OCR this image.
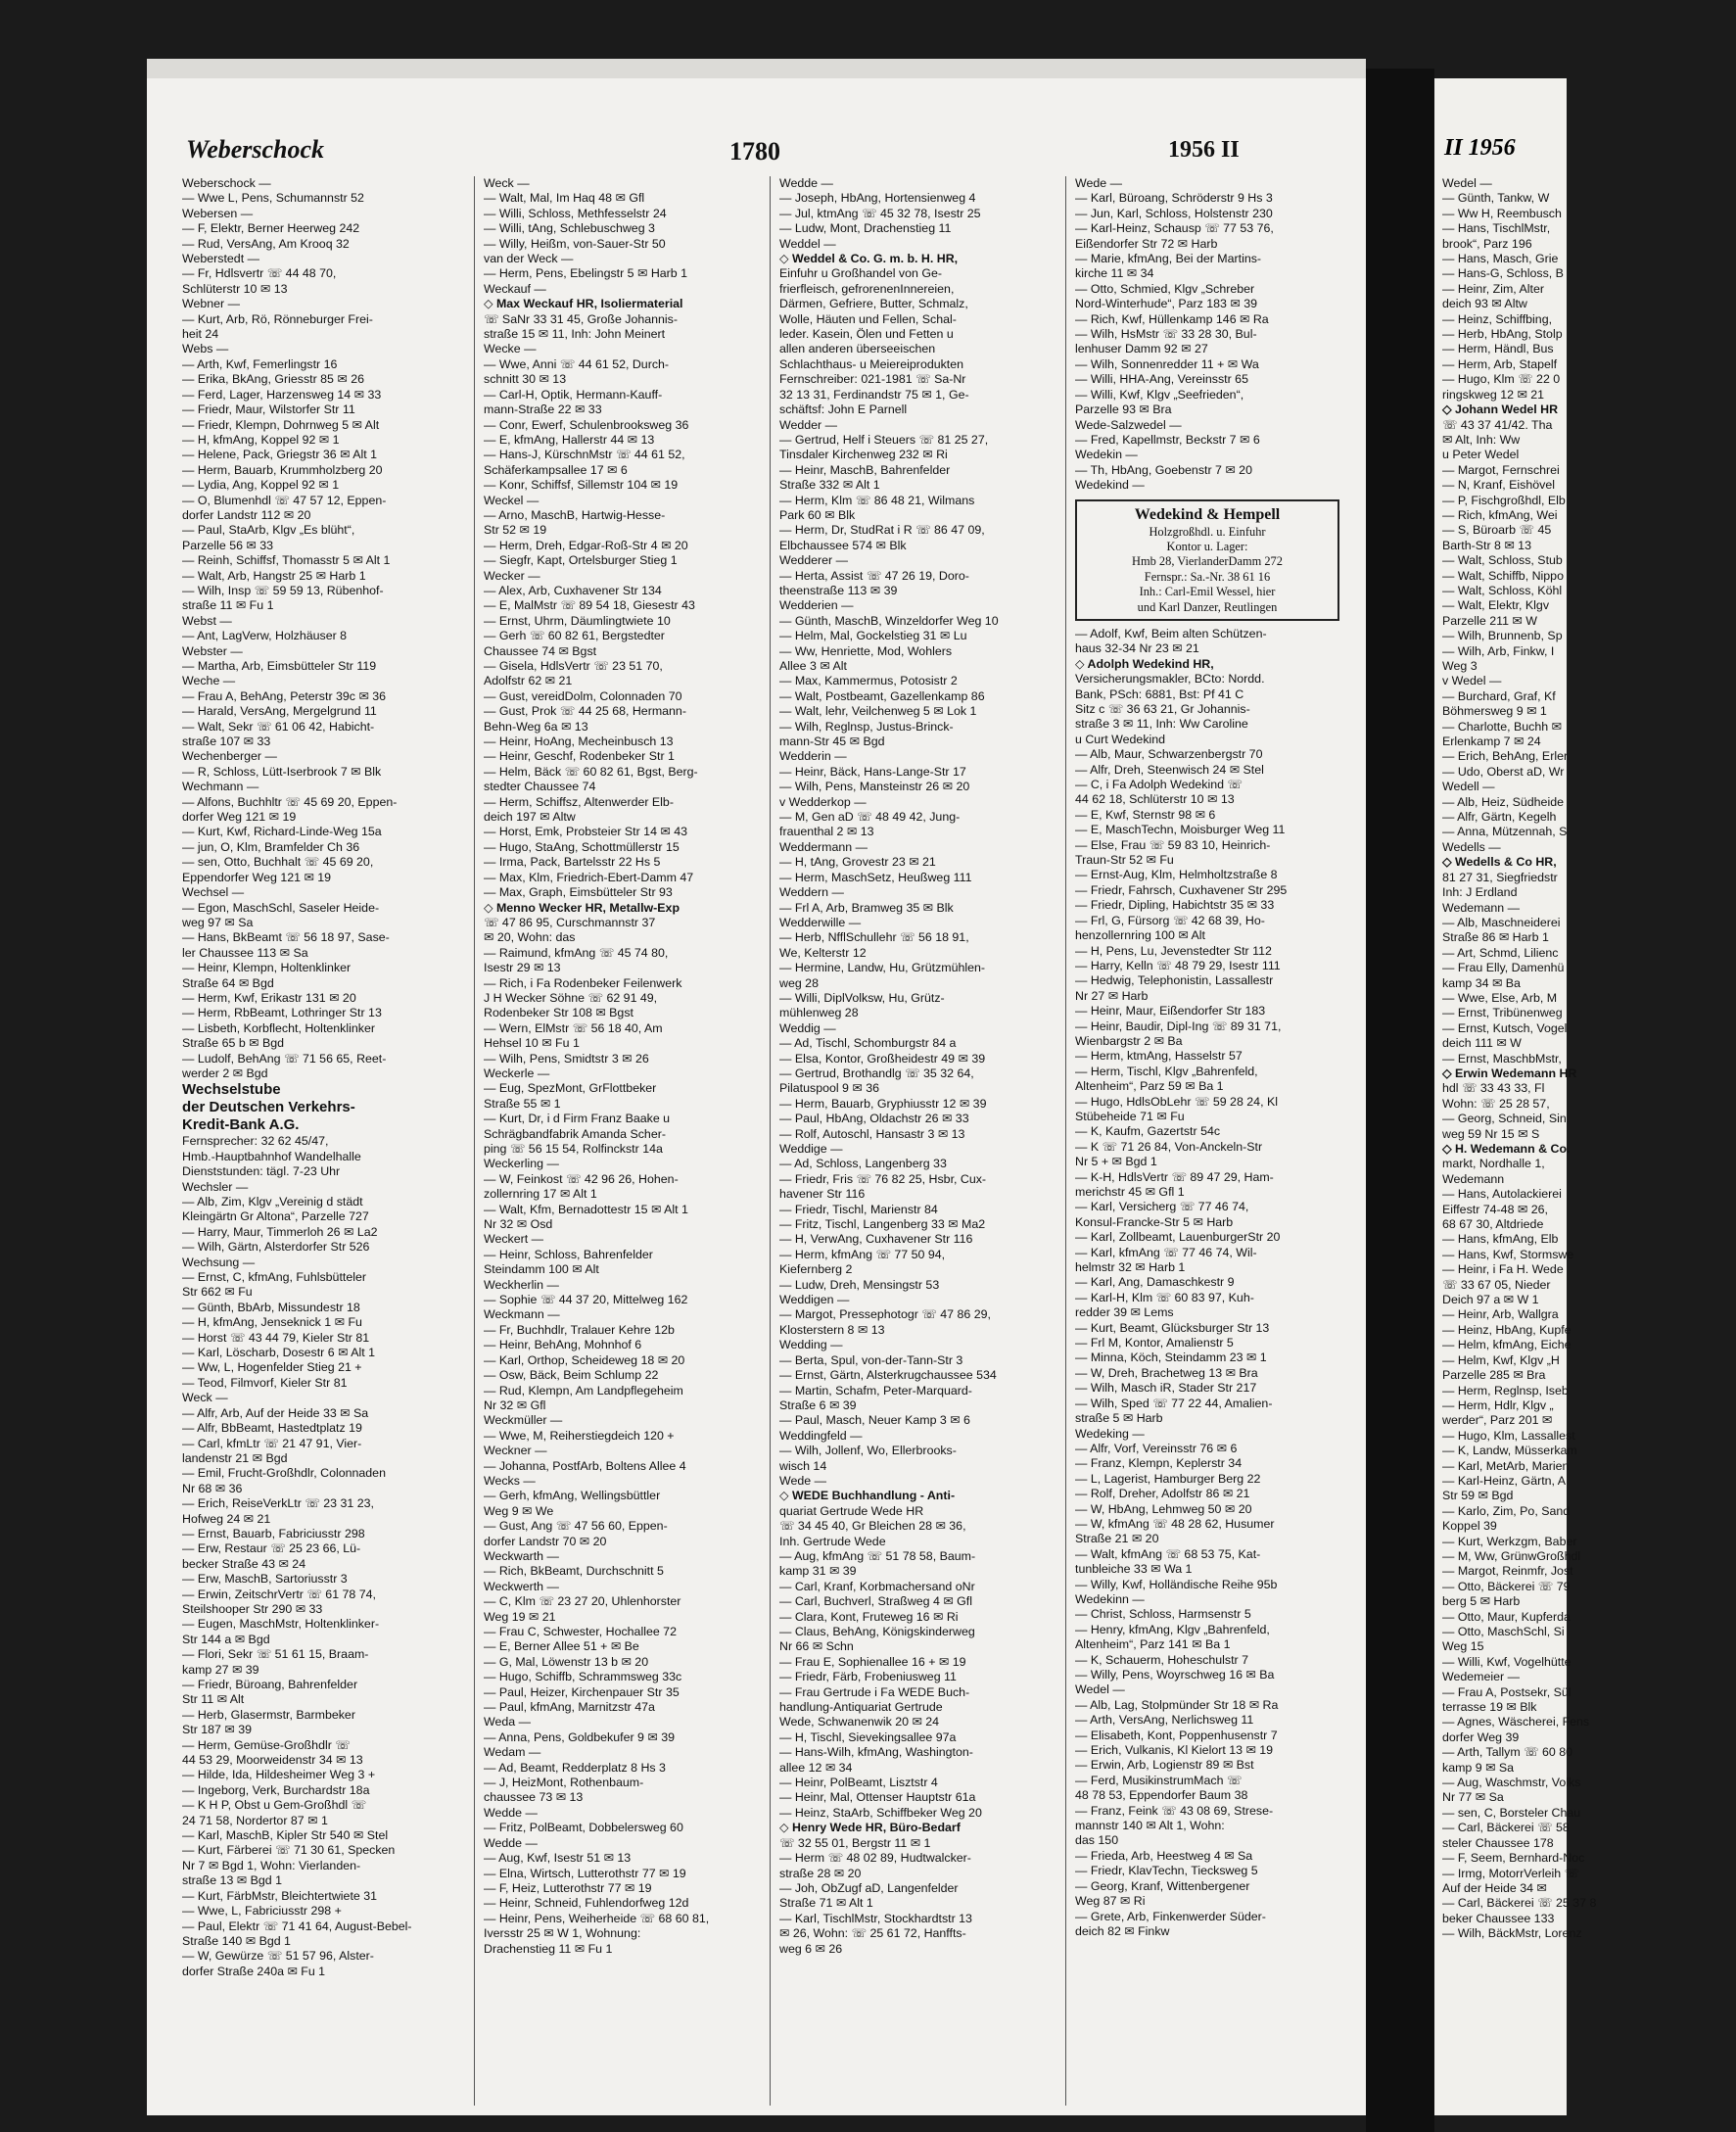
Weberschock	1780	1956 II
Weberschock —
— Wwe L, Pens, Schumannstr 52
Webersen —
— F, Elektr, Berner Heerweg 242
— Rud, VersAng, Am Krooq 32
Weberstedt —
— Fr, Hdlsvertr ☏ 44 48 70,
Schlüterstr 10 ✉ 13
Webner —
— Kurt, Arb, Rö, Rönneburger Frei-
heit 24
Webs —
— Arth, Kwf, Femerlingstr 16
— Erika, BkAng, Griesstr 85 ✉ 26
— Ferd, Lager, Harzensweg 14 ✉ 33
— Friedr, Maur, Wilstorfer Str 11
— Friedr, Klempn, Dohrnweg 5 ✉ Alt
— H, kfmAng, Koppel 92 ✉ 1
— Helene, Pack, Griegstr 36 ✉ Alt 1
— Herm, Bauarb, Krummholzberg 20
— Lydia, Ang, Koppel 92 ✉ 1
— O, Blumenhdl ☏ 47 57 12, Eppen-
dorfer Landstr 112 ✉ 20
— Paul, StaArb, Klgv „Es blüht“,
Parzelle 56 ✉ 33
— Reinh, Schiffsf, Thomasstr 5 ✉ Alt 1
— Walt, Arb, Hangstr 25 ✉ Harb 1
— Wilh, Insp ☏ 59 59 13, Rübenhof-
straße 11 ✉ Fu 1
Webst —
— Ant, LagVerw, Holzhäuser 8
Webster —
— Martha, Arb, Eimsbütteler Str 119
Weche —
— Frau A, BehAng, Peterstr 39c ✉ 36
— Harald, VersAng, Mergelgrund 11
— Walt, Sekr ☏ 61 06 42, Habicht-
straße 107 ✉ 33
Wechenberger —
— R, Schloss, Lütt-Iserbrook 7 ✉ Blk
Wechmann —
— Alfons, Buchhltr ☏ 45 69 20, Eppen-
dorfer Weg 121 ✉ 19
— Kurt, Kwf, Richard-Linde-Weg 15a
— jun, O, Klm, Bramfelder Ch 36
— sen, Otto, Buchhalt ☏ 45 69 20,
Eppendorfer Weg 121 ✉ 19
Wechsel —
— Egon, MaschSchl, Saseler Heide-
weg 97 ✉ Sa
— Hans, BkBeamt ☏ 56 18 97, Sase-
ler Chaussee 113 ✉ Sa
— Heinr, Klempn, Holtenklinker
Straße 64 ✉ Bgd
— Herm, Kwf, Erikastr 131 ✉ 20
— Herm, RbBeamt, Lothringer Str 13
— Lisbeth, Korbflecht, Holtenklinker
Straße 65 b ✉ Bgd
— Ludolf, BehAng ☏ 71 56 65, Reet-
werder 2 ✉ Bgd
Wechselstube
der Deutschen Verkehrs-
Kredit-Bank A.G.
Fernsprecher: 32 62 45/47,
Hmb.-Hauptbahnhof Wandelhalle
Dienststunden: tägl. 7-23 Uhr
Wechsler —
— Alb, Zim, Klgv „Vereinig d städt
Kleingärtn Gr Altona“, Parzelle 727
— Harry, Maur, Timmerloh 26 ✉ La2
— Wilh, Gärtn, Alsterdorfer Str 526
Wechsung —
— Ernst, C, kfmAng, Fuhlsbütteler
Str 662 ✉ Fu
— Günth, BbArb, Missundestr 18
— H, kfmAng, Jenseknick 1 ✉ Fu
— Horst ☏ 43 44 79, Kieler Str 81
— Karl, Löscharb, Dosestr 6 ✉ Alt 1
— Ww, L, Hogenfelder Stieg 21 +
— Teod, Filmvorf, Kieler Str 81
Weck —
— Alfr, Arb, Auf der Heide 33 ✉ Sa
— Alfr, BbBeamt, Hastedtplatz 19
— Carl, kfmLtr ☏ 21 47 91, Vier-
landenstr 21 ✉ Bgd
— Emil, Frucht-Großhdlr, Colonnaden
Nr 68 ✉ 36
— Erich, ReiseVerkLtr ☏ 23 31 23,
Hofweg 24 ✉ 21
— Ernst, Bauarb, Fabriciusstr 298
— Erw, Restaur ☏ 25 23 66, Lü-
becker Straße 43 ✉ 24
— Erw, MaschB, Sartoriusstr 3
— Erwin, ZeitschrVertr ☏ 61 78 74,
Steilshooper Str 290 ✉ 33
— Eugen, MaschMstr, Holtenklinker-
Str 144 a ✉ Bgd
— Flori, Sekr ☏ 51 61 15, Braam-
kamp 27 ✉ 39
— Friedr, Büroang, Bahrenfelder
Str 11 ✉ Alt
— Herb, Glasermstr, Barmbeker
Str 187 ✉ 39
— Herm, Gemüse-Großhdlr ☏
44 53 29, Moorweidenstr 34 ✉ 13
— Hilde, Ida, Hildesheimer Weg 3 +
— Ingeborg, Verk, Burchardstr 18a
— K H P, Obst u Gem-Großhdl ☏
24 71 58, Nordertor 87 ✉ 1
— Karl, MaschB, Kipler Str 540 ✉ Stel
— Kurt, Färberei ☏ 71 30 61, Specken
Nr 7 ✉ Bgd 1, Wohn: Vierlanden-
straße 13 ✉ Bgd 1
— Kurt, FärbMstr, Bleichtertwiete 31
— Wwe, L, Fabriciusstr 298 +
— Paul, Elektr ☏ 71 41 64, August-Bebel-
Straße 140 ✉ Bgd 1
— W, Gewürze ☏ 51 57 96, Alster-
dorfer Straße 240a ✉ Fu 1
Weck —
— Walt, Mal, Im Haq 48 ✉ Gfl
— Willi, Schloss, Methfesselstr 24
— Willi, tAng, Schlebuschweg 3
— Willy, Heißm, von-Sauer-Str 50
van der Weck —
— Herm, Pens, Ebelingstr 5 ✉ Harb 1
Weckauf —
◇ Max Weckauf HR, Isoliermaterial
☏ SaNr 33 31 45, Große Johannis-
straße 15 ✉ 11, Inh: John Meinert
Wecke —
— Wwe, Anni ☏ 44 61 52, Durch-
schnitt 30 ✉ 13
— Carl-H, Optik, Hermann-Kauff-
mann-Straße 22 ✉ 33
— Conr, Ewerf, Schulenbrooksweg 36
— E, kfmAng, Hallerstr 44 ✉ 13
— Hans-J, KürschnMstr ☏ 44 61 52,
Schäferkampsallee 17 ✉ 6
— Konr, Schiffsf, Sillemstr 104 ✉ 19
Weckel —
— Arno, MaschB, Hartwig-Hesse-
Str 52 ✉ 19
— Herm, Dreh, Edgar-Roß-Str 4 ✉ 20
— Siegfr, Kapt, Ortelsburger Stieg 1
Wecker —
— Alex, Arb, Cuxhavener Str 134
— E, MalMstr ☏ 89 54 18, Giesestr 43
— Ernst, Uhrm, Däumlingtwiete 10
— Gerh ☏ 60 82 61, Bergstedter
Chaussee 74 ✉ Bgst
— Gisela, HdlsVertr ☏ 23 51 70,
Adolfstr 62 ✉ 21
— Gust, vereidDolm, Colonnaden 70
— Gust, Prok ☏ 44 25 68, Hermann-
Behn-Weg 6a ✉ 13
— Heinr, HoAng, Mecheinbusch 13
— Heinr, Geschf, Rodenbeker Str 1
— Helm, Bäck ☏ 60 82 61, Bgst, Berg-
stedter Chaussee 74
— Herm, Schiffsz, Altenwerder Elb-
deich 197 ✉ Altw
— Horst, Emk, Probsteier Str 14 ✉ 43
— Hugo, StaAng, Schottmüllerstr 15
— Irma, Pack, Bartelsstr 22 Hs 5
— Max, Klm, Friedrich-Ebert-Damm 47
— Max, Graph, Eimsbütteler Str 93
◇ Menno Wecker HR, Metallw-Exp
☏ 47 86 95, Curschmannstr 37
✉ 20, Wohn: das
— Raimund, kfmAng ☏ 45 74 80,
Isestr 29 ✉ 13
— Rich, i Fa Rodenbeker Feilenwerk
J H Wecker Söhne ☏ 62 91 49,
Rodenbeker Str 108 ✉ Bgst
— Wern, ElMstr ☏ 56 18 40, Am
Hehsel 10 ✉ Fu 1
— Wilh, Pens, Smidtstr 3 ✉ 26
Weckerle —
— Eug, SpezMont, GrFlottbeker
Straße 55 ✉ 1
— Kurt, Dr, i d Firm Franz Baake u
Schrägbandfabrik Amanda Scher-
ping ☏ 56 15 54, Rolfinckstr 14a
Weckerling —
— W, Feinkost ☏ 42 96 26, Hohen-
zollernring 17 ✉ Alt 1
— Walt, Kfm, Bernadottestr 15 ✉ Alt 1
Nr 32 ✉ Osd
Weckert —
— Heinr, Schloss, Bahrenfelder
Steindamm 100 ✉ Alt
Weckherlin —
— Sophie ☏ 44 37 20, Mittelweg 162
Weckmann —
— Fr, Buchhdlr, Tralauer Kehre 12b
— Heinr, BehAng, Mohnhof 6
— Karl, Orthop, Scheideweg 18 ✉ 20
— Osw, Bäck, Beim Schlump 22
— Rud, Klempn, Am Landpflegeheim
Nr 32 ✉ Gfl
Weckmüller —
— Wwe, M, Reiherstiegdeich 120 +
Weckner —
— Johanna, PostfArb, Boltens Allee 4
Wecks —
— Gerh, kfmAng, Wellingsbüttler
Weg 9 ✉ We
— Gust, Ang ☏ 47 56 60, Eppen-
dorfer Landstr 70 ✉ 20
Weckwarth —
— Rich, BkBeamt, Durchschnitt 5
Weckwerth —
— C, Klm ☏ 23 27 20, Uhlenhorster
Weg 19 ✉ 21
— Frau C, Schwester, Hochallee 72
— E, Berner Allee 51 + ✉ Be
— G, Mal, Löwenstr 13 b ✉ 20
— Hugo, Schiffb, Schrammsweg 33c
— Paul, Heizer, Kirchenpauer Str 35
— Paul, kfmAng, Marnitzstr 47a
Weda —
— Anna, Pens, Goldbekufer 9 ✉ 39
Wedam —
— Ad, Beamt, Redderplatz 8 Hs 3
— J, HeizMont, Rothenbaum-
chaussee 73 ✉ 13
Wedde —
— Fritz, PolBeamt, Dobbelersweg 60
Wedde —
— Aug, Kwf, Isestr 51 ✉ 13
— Elna, Wirtsch, Lutterothstr 77 ✉ 19
— F, Heiz, Lutterothstr 77 ✉ 19
— Heinr, Schneid, Fuhlendorfweg 12d
— Heinr, Pens, Weiherheide ☏ 68 60 81,
Iversstr 25 ✉ W 1, Wohnung:
Drachenstieg 11 ✉ Fu 1
Wedde —
— Joseph, HbAng, Hortensienweg 4
— Jul, ktmAng ☏ 45 32 78, Isestr 25
— Ludw, Mont, Drachenstieg 11
Weddel —
◇ Weddel & Co. G. m. b. H. HR,
Einfuhr u Großhandel von Ge-
frierfleisch, gefrorenenInnereien,
Därmen, Gefriere, Butter, Schmalz,
Wolle, Häuten und Fellen, Schal-
leder. Kasein, Ölen und Fetten u
allen anderen überseeischen
Schlachthaus- u Meiereiprodukten
Fernschreiber: 021-1981 ☏ Sa-Nr
32 13 31, Ferdinandstr 75 ✉ 1, Ge-
schäftsf: John E Parnell
Wedder —
— Gertrud, Helf i Steuers ☏ 81 25 27,
Tinsdaler Kirchenweg 232 ✉ Ri
— Heinr, MaschB, Bahrenfelder
Straße 332 ✉ Alt 1
— Herm, Klm ☏ 86 48 21, Wilmans
Park 60 ✉ Blk
— Herm, Dr, StudRat i R ☏ 86 47 09,
Elbchaussee 574 ✉ Blk
Wedderer —
— Herta, Assist ☏ 47 26 19, Doro-
theenstraße 113 ✉ 39
Wedderien —
— Günth, MaschB, Winzeldorfer Weg 10
— Helm, Mal, Gockelstieg 31 ✉ Lu
— Ww, Henriette, Mod, Wohlers
Allee 3 ✉ Alt
— Max, Kammermus, Potosistr 2
— Walt, Postbeamt, Gazellenkamp 86
— Walt, lehr, Veilchenweg 5 ✉ Lok 1
— Wilh, Reglnsp, Justus-Brinck-
mann-Str 45 ✉ Bgd
Wedderin —
— Heinr, Bäck, Hans-Lange-Str 17
— Wilh, Pens, Mansteinstr 26 ✉ 20
v Wedderkop —
— M, Gen aD ☏ 48 49 42, Jung-
frauenthal 2 ✉ 13
Weddermann —
— H, tAng, Grovestr 23 ✉ 21
— Herm, MaschSetz, Heußweg 111
Weddern —
— Frl A, Arb, Bramweg 35 ✉ Blk
Wedderwille —
— Herb, NfflSchullehr ☏ 56 18 91,
We, Kelterstr 12
— Hermine, Landw, Hu, Grützmühlen-
weg 28
— Willi, DiplVolksw, Hu, Grütz-
mühlenweg 28
Weddig —
— Ad, Tischl, Schomburgstr 84 a
— Elsa, Kontor, Großheidestr 49 ✉ 39
— Gertrud, Brothandlg ☏ 35 32 64,
Pilatuspool 9 ✉ 36
— Herm, Bauarb, Gryphiusstr 12 ✉ 39
— Paul, HbAng, Oldachstr 26 ✉ 33
— Rolf, Autoschl, Hansastr 3 ✉ 13
Weddige —
— Ad, Schloss, Langenberg 33
— Friedr, Fris ☏ 76 82 25, Hsbr, Cux-
havener Str 116
— Friedr, Tischl, Marienstr 84
— Fritz, Tischl, Langenberg 33 ✉ Ma2
— H, VerwAng, Cuxhavener Str 116
— Herm, kfmAng ☏ 77 50 94,
Kiefernberg 2
— Ludw, Dreh, Mensingstr 53
Weddigen —
— Margot, Pressephotogr ☏ 47 86 29,
Klosterstern 8 ✉ 13
Wedding —
— Berta, Spul, von-der-Tann-Str 3
— Ernst, Gärtn, Alsterkrugchaussee 534
— Martin, Schafm, Peter-Marquard-
Straße 6 ✉ 39
— Paul, Masch, Neuer Kamp 3 ✉ 6
Weddingfeld —
— Wilh, Jollenf, Wo, Ellerbrooks-
wisch 14
Wede —
◇ WEDE Buchhandlung - Anti-
quariat Gertrude Wede HR
☏ 34 45 40, Gr Bleichen 28 ✉ 36,
Inh. Gertrude Wede
— Aug, kfmAng ☏ 51 78 58, Baum-
kamp 31 ✉ 39
— Carl, Kranf, Korbmachersand oNr
— Carl, Buchverl, Straßweg 4 ✉ Gfl
— Clara, Kont, Fruteweg 16 ✉ Ri
— Claus, BehAng, Königskinderweg
Nr 66 ✉ Schn
— Frau E, Sophienallee 16 + ✉ 19
— Friedr, Färb, Frobeniusweg 11
— Frau Gertrude i Fa WEDE Buch-
handlung-Antiquariat Gertrude
Wede, Schwanenwik 20 ✉ 24
— H, Tischl, Sievekingsallee 97a
— Hans-Wilh, kfmAng, Washington-
allee 12 ✉ 34
— Heinr, PolBeamt, Lisztstr 4
— Heinr, Mal, Ottenser Hauptstr 61a
— Heinz, StaArb, Schiffbeker Weg 20
◇ Henry Wede HR, Büro-Bedarf
☏ 32 55 01, Bergstr 11 ✉ 1
— Herm ☏ 48 02 89, Hudtwalcker-
straße 28 ✉ 20
— Joh, ObZugf aD, Langenfelder
Straße 71 ✉ Alt 1
— Karl, TischlMstr, Stockhardtstr 13
✉ 26, Wohn: ☏ 25 61 72, Hanffts-
weg 6 ✉ 26
Wede —
— Karl, Büroang, Schröderstr 9 Hs 3
— Jun, Karl, Schloss, Holstenstr 230
— Karl-Heinz, Schausp ☏ 77 53 76,
Eißendorfer Str 72 ✉ Harb
— Marie, kfmAng, Bei der Martins-
kirche 11 ✉ 34
— Otto, Schmied, Klgv „Schreber
Nord-Winterhude“, Parz 183 ✉ 39
— Rich, Kwf, Hüllenkamp 146 ✉ Ra
— Wilh, HsMstr ☏ 33 28 30, Bul-
lenhuser Damm 92 ✉ 27
— Wilh, Sonnenredder 11 + ✉ Wa
— Willi, HHA-Ang, Vereinsstr 65
— Willi, Kwf, Klgv „Seefrieden“,
Parzelle 93 ✉ Bra
Wede-Salzwedel —
— Fred, Kapellmstr, Beckstr 7 ✉ 6
Wedekin —
— Th, HbAng, Goebenstr 7 ✉ 20
Wedekind —
Wedekind & Hempell
Holzgroßhdl. u. Einfuhr
Kontor u. Lager:
Hmb 28, VierlanderDamm 272
Fernspr.: Sa.-Nr. 38 61 16
Inh.: Carl-Emil Wessel, hier
und Karl Danzer, Reutlingen
— Adolf, Kwf, Beim alten Schützen-
haus 32-34 Nr 23 ✉ 21
◇ Adolph Wedekind HR,
Versicherungsmakler, BCto: Nordd.
Bank, PSch: 6881, Bst: Pf 41 C
Sitz c ☏ 36 63 21, Gr Johannis-
straße 3 ✉ 11, Inh: Ww Caroline
u Curt Wedekind
— Alb, Maur, Schwarzenbergstr 70
— Alfr, Dreh, Steenwisch 24 ✉ Stel
— C, i Fa Adolph Wedekind ☏
44 62 18, Schlüterstr 10 ✉ 13
— E, Kwf, Sternstr 98 ✉ 6
— E, MaschTechn, Moisburger Weg 11
— Else, Frau ☏ 59 83 10, Heinrich-
Traun-Str 52 ✉ Fu
— Ernst-Aug, Klm, Helmholtzstraße 8
— Friedr, Fahrsch, Cuxhavener Str 295
— Friedr, Dipling, Habichtstr 35 ✉ 33
— Frl, G, Fürsorg ☏ 42 68 39, Ho-
henzollernring 100 ✉ Alt
— H, Pens, Lu, Jevenstedter Str 112
— Harry, Kelln ☏ 48 79 29, Isestr 111
— Hedwig, Telephonistin, Lassallestr
Nr 27 ✉ Harb
— Heinr, Maur, Eißendorfer Str 183
— Heinr, Baudir, Dipl-Ing ☏ 89 31 71,
Wienbargstr 2 ✉ Ba
— Herm, ktmAng, Hasselstr 57
— Herm, Tischl, Klgv „Bahrenfeld,
Altenheim“, Parz 59 ✉ Ba 1
— Hugo, HdlsObLehr ☏ 59 28 24, Kl
Stübeheide 71 ✉ Fu
— K, Kaufm, Gazertstr 54c
— K ☏ 71 26 84, Von-Anckeln-Str
Nr 5 + ✉ Bgd 1
— K-H, HdlsVertr ☏ 89 47 29, Ham-
merichstr 45 ✉ Gfl 1
— Karl, Versicherg ☏ 77 46 74,
Konsul-Francke-Str 5 ✉ Harb
— Karl, Zollbeamt, LauenburgerStr 20
— Karl, kfmAng ☏ 77 46 74, Wil-
helmstr 32 ✉ Harb 1
— Karl, Ang, Damaschkestr 9
— Karl-H, Klm ☏ 60 83 97, Kuh-
redder 39 ✉ Lems
— Kurt, Beamt, Glücksburger Str 13
— Frl M, Kontor, Amalienstr 5
— Minna, Köch, Steindamm 23 ✉ 1
— W, Dreh, Brachetweg 13 ✉ Bra
— Wilh, Masch iR, Stader Str 217
— Wilh, Sped ☏ 77 22 44, Amalien-
straße 5 ✉ Harb
Wedeking —
— Alfr, Vorf, Vereinsstr 76 ✉ 6
— Franz, Klempn, Keplerstr 34
— L, Lagerist, Hamburger Berg 22
— Rolf, Dreher, Adolfstr 86 ✉ 21
— W, HbAng, Lehmweg 50 ✉ 20
— W, kfmAng ☏ 48 28 62, Husumer
Straße 21 ✉ 20
— Walt, kfmAng ☏ 68 53 75, Kat-
tunbleiche 33 ✉ Wa 1
— Willy, Kwf, Holländische Reihe 95b
Wedekinn —
— Christ, Schloss, Harmsenstr 5
— Henry, kfmAng, Klgv „Bahrenfeld,
Altenheim“, Parz 141 ✉ Ba 1
— K, Schauerm, Hoheschulstr 7
— Willy, Pens, Woyrschweg 16 ✉ Ba
Wedel —
— Alb, Lag, Stolpmünder Str 18 ✉ Ra
— Arth, VersAng, Nerlichsweg 11
— Elisabeth, Kont, Poppenhusenstr 7
— Erich, Vulkanis, Kl Kielort 13 ✉ 19
— Erwin, Arb, Logienstr 89 ✉ Bst
— Ferd, MusikinstrumMach ☏
48 78 53, Eppendorfer Baum 38
— Franz, Feink ☏ 43 08 69, Strese-
mannstr 140 ✉ Alt 1, Wohn:
das 150
— Frieda, Arb, Heestweg 4 ✉ Sa
— Friedr, KlavTechn, Tiecksweg 5
— Georg, Kranf, Wittenbergener
Weg 87 ✉ Ri
— Grete, Arb, Finkenwerder Süder-
deich 82 ✉ Finkw
II 1956
Wedel —
— Günth, Tankw, W
— Ww H, Reembusch
— Hans, TischlMstr,
brook“, Parz 196
— Hans, Masch, Grie
— Hans-G, Schloss, B
— Heinr, Zim, Alter
deich 93 ✉ Altw
— Heinz, Schiffbing,
— Herb, HbAng, Stolp
— Herm, Händl, Bus
— Herm, Arb, Stapelf
— Hugo, Klm ☏ 22 0
ringskweg 12 ✉ 21
◇ Johann Wedel HR
☏ 43 37 41/42. Tha
✉ Alt, Inh: Ww
u Peter Wedel
— Margot, Fernschrei
— N, Kranf, Eishövel
— P, Fischgroßhdl, Elb
— Rich, kfmAng, Wei
— S, Büroarb ☏ 45
Barth-Str 8 ✉ 13
— Walt, Schloss, Stub
— Walt, Schiffb, Nippo
— Walt, Schloss, Köhl
— Walt, Elektr, Klgv
Parzelle 211 ✉ W
— Wilh, Brunnenb, Sp
— Wilh, Arb, Finkw, I
Weg 3
v Wedel —
— Burchard, Graf, Kf
Böhmersweg 9 ✉ 1
— Charlotte, Buchh ✉
Erlenkamp 7 ✉ 24
— Erich, BehAng, Erler
— Udo, Oberst aD, Wr
Wedell —
— Alb, Heiz, Südheide
— Alfr, Gärtn, Kegelh
— Anna, Mützennah, S
Wedells —
◇ Wedells & Co HR,
81 27 31, Siegfriedstr
Inh: J Erdland
Wedemann —
— Alb, Maschneiderei
Straße 86 ✉ Harb 1
— Art, Schmd, Lilienc
— Frau Elly, Damenhü
kamp 34 ✉ Ba
— Wwe, Else, Arb, M
— Ernst, Tribünenweg
— Ernst, Kutsch, Vogel
deich 111 ✉ W
— Ernst, MaschbMstr,
◇ Erwin Wedemann HR
hdl ☏ 33 43 33, Fl
Wohn: ☏ 25 28 57,
— Georg, Schneid, Sin
weg 59 Nr 15 ✉ S
◇ H. Wedemann & Co.
markt, Nordhalle 1,
Wedemann
— Hans, Autolackierei
Eiffestr 74-48 ✉ 26,
68 67 30, Altdriede
— Hans, kfmAng, Elb
— Hans, Kwf, Stormswe
— Heinr, i Fa H. Wede
☏ 33 67 05, Nieder
Deich 97 a ✉ W 1
— Heinr, Arb, Wallgra
— Heinz, HbAng, Kupfe
— Helm, kfmAng, Eiche
— Helm, Kwf, Klgv „H
Parzelle 285 ✉ Bra
— Herm, Reglnsp, Iseb
— Herm, Hdlr, Klgv „
werder“, Parz 201 ✉
— Hugo, Klm, Lassallest
— K, Landw, Müsserkam
— Karl, MetArb, Marien
— Karl-Heinz, Gärtn, A
Str 59 ✉ Bgd
— Karlo, Zim, Po, Sand
Koppel 39
— Kurt, Werkzgm, Baber
— M, Ww, GrünwGroßhdl
— Margot, Reinmfr, Jost
— Otto, Bäckerei ☏ 79
berg 5 ✉ Harb
— Otto, Maur, Kupferda
— Otto, MaschSchl, Si
Weg 15
— Willi, Kwf, Vogelhütte
Wedemeier —
— Frau A, Postsekr, Sül
terrasse 19 ✉ Blk
— Agnes, Wäscherei, Fens
dorfer Weg 39
— Arth, Tallym ☏ 60 80
kamp 9 ✉ Sa
— Aug, Waschmstr, Volks
Nr 77 ✉ Sa
— sen, C, Borsteler Chau
— Carl, Bäckerei ☏ 58
steler Chaussee 178
— F, Seem, Bernhard-Noc
— Irmg, MotorrVerleih ☏
Auf der Heide 34 ✉
— Carl, Bäckerei ☏ 25 37 8
beker Chaussee 133
— Wilh, BäckMstr, Lorenz
